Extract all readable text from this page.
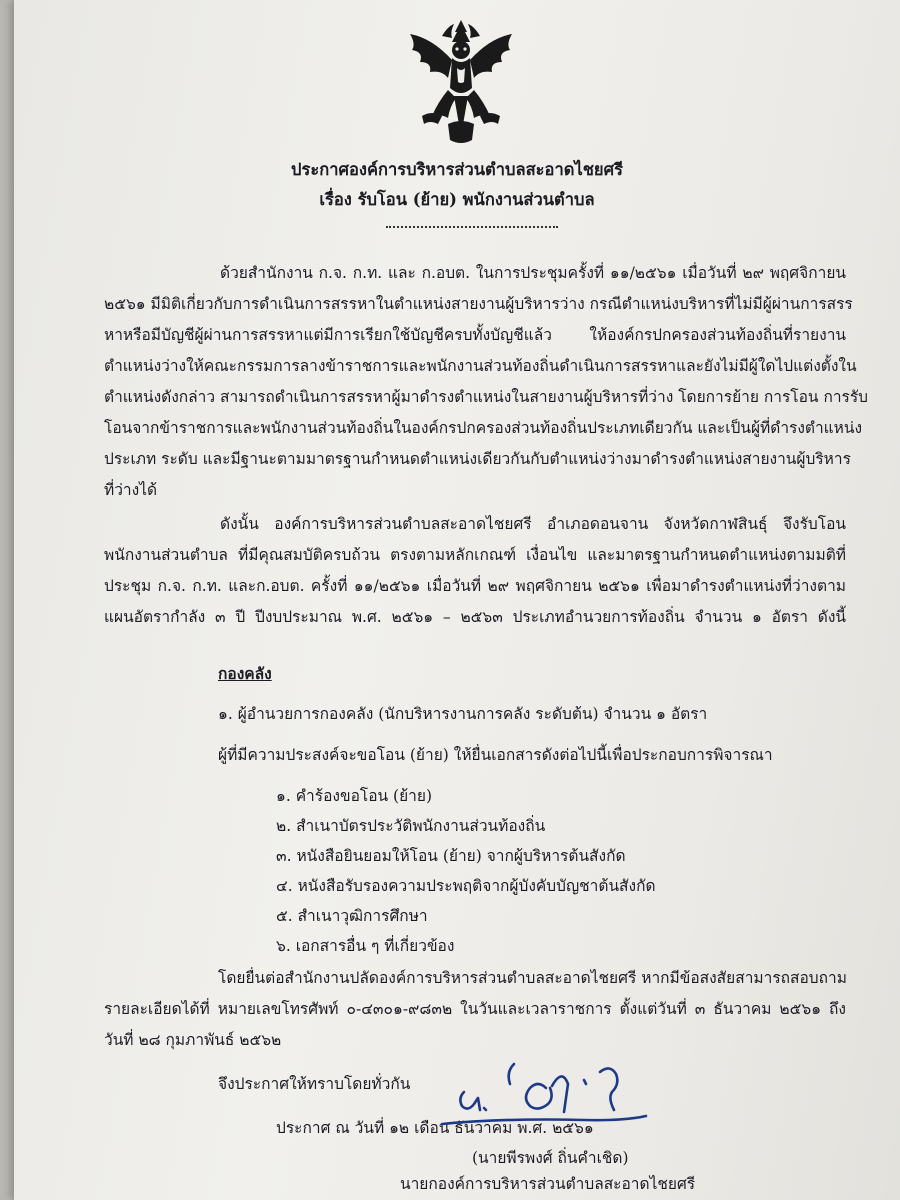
ประกาศองค์การบริหารส่วนตำบลสะอาดไชยศรี
เรื่อง รับโอน (ย้าย) พนักงานส่วนตำบล
ด้วยสำนักงาน ก.จ. ก.ท. และ ก.อบต. ในการประชุมครั้งที่ ๑๑/๒๕๖๑ เมื่อวันที่ ๒๙ พฤศจิกายน
๒๕๖๑ มีมิติเกี่ยวกับการดำเนินการสรรหาในตำแหน่งสายงานผู้บริหารว่าง กรณีตำแหน่งบริหารที่ไม่มีผู้ผ่านการสรร
หาหรือมีบัญชีผู้ผ่านการสรรหาแต่มีการเรียกใช้บัญชีครบทั้งบัญชีแล้ว ให้องค์กรปกครองส่วนท้องถิ่นที่รายงาน
ตำแหน่งว่างให้คณะกรรมการลางข้าราชการและพนักงานส่วนท้องถิ่นดำเนินการสรรหาและยังไม่มีผู้ใดไปแต่งตั้งใน
ตำแหน่งดังกล่าว สามารถดำเนินการสรรหาผู้มาดำรงตำแหน่งในสายงานผู้บริหารที่ว่าง โดยการย้าย การโอน การรับ
โอนจากข้าราชการและพนักงานส่วนท้องถิ่นในองค์กรปกครองส่วนท้องถิ่นประเภทเดียวกัน และเป็นผู้ที่ดำรงตำแหน่ง
ประเภท ระดับ และมีฐานะตามมาตรฐานกำหนดตำแหน่งเดียวกันกับตำแหน่งว่างมาดำรงตำแหน่งสายงานผู้บริหาร
ที่ว่างได้
ดังนั้น องค์การบริหารส่วนตำบลสะอาดไชยศรี อำเภอดอนจาน จังหวัดกาฬสินธุ์ จึงรับโอน
พนักงานส่วนตำบล ที่มีคุณสมบัติครบถ้วน ตรงตามหลักเกณฑ์ เงื่อนไข และมาตรฐานกำหนดตำแหน่งตามมติที่
ประชุม ก.จ. ก.ท. และก.อบต. ครั้งที่ ๑๑/๒๕๖๑ เมื่อวันที่ ๒๙ พฤศจิกายน ๒๕๖๑ เพื่อมาดำรงตำแหน่งที่ว่างตาม
แผนอัตรากำลัง ๓ ปี ปีงบประมาณ พ.ศ. ๒๕๖๑ – ๒๕๖๓ ประเภทอำนวยการท้องถิ่น จำนวน ๑ อัตรา ดังนี้
กองคลัง
๑. ผู้อำนวยการกองคลัง (นักบริหารงานการคลัง ระดับต้น) จำนวน ๑ อัตรา
ผู้ที่มีความประสงค์จะขอโอน (ย้าย) ให้ยื่นเอกสารดังต่อไปนี้เพื่อประกอบการพิจารณา
๑. คำร้องขอโอน (ย้าย)
๒. สำเนาบัตรประวัติพนักงานส่วนท้องถิ่น
๓. หนังสือยินยอมให้โอน (ย้าย) จากผู้บริหารต้นสังกัด
๔. หนังสือรับรองความประพฤติจากผู้บังคับบัญชาต้นสังกัด
๕. สำเนาวุฒิการศึกษา
๖. เอกสารอื่น ๆ ที่เกี่ยวข้อง
โดยยื่นต่อสำนักงานปลัดองค์การบริหารส่วนตำบลสะอาดไชยศรี หากมีข้อสงสัยสามารถสอบถาม
รายละเอียดได้ที่ หมายเลขโทรศัพท์ ๐-๔๓๐๑-๙๘๓๒ ในวันและเวลาราชการ ตั้งแต่วันที่ ๓ ธันวาคม ๒๕๖๑ ถึง
วันที่ ๒๘ กุมภาพันธ์ ๒๕๖๒
จึงประกาศให้ทราบโดยทั่วกัน
ประกาศ ณ วันที่ ๑๒ เดือน ธันวาคม พ.ศ. ๒๕๖๑
(นายพีรพงศ์ ถิ่นคำเชิด)
นายกองค์การบริหารส่วนตำบลสะอาดไชยศรี
